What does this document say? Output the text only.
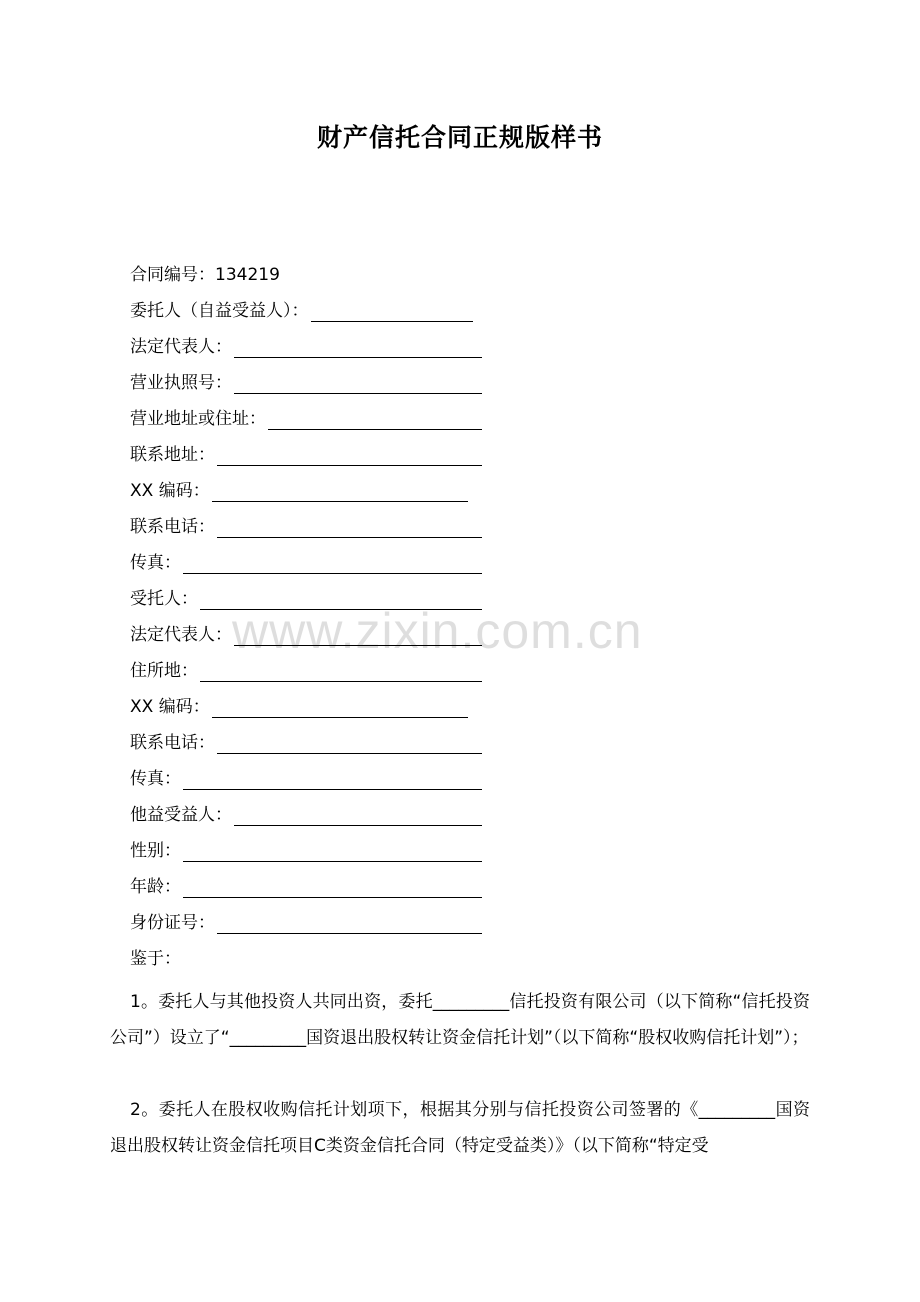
财产信托合同正规版样书
合同编号：134219
委托人（自益受益人）：
法定代表人：
营业执照号：
营业地址或住址：
联系地址：
XX 编码：
联系电话：
传真：
受托人：
法定代表人：
住所地：
XX 编码：
联系电话：
传真：
他益受益人：
性别：
年龄：
身份证号：
鉴于：
1。委托人与其他投资人共同出资，委托_________信托投资有限公司（以下简称“信托投资公司”）设立了“_________国资退出股权转让资金信托计划”（以下简称“股权收购信托计划”）；
2。委托人在股权收购信托计划项下，根据其分别与信托投资公司签署的《_________国资退出股权转让资金信托项目C类资金信托合同（特定受益类）》（以下简称“特定受
www.zixin.com.cn
